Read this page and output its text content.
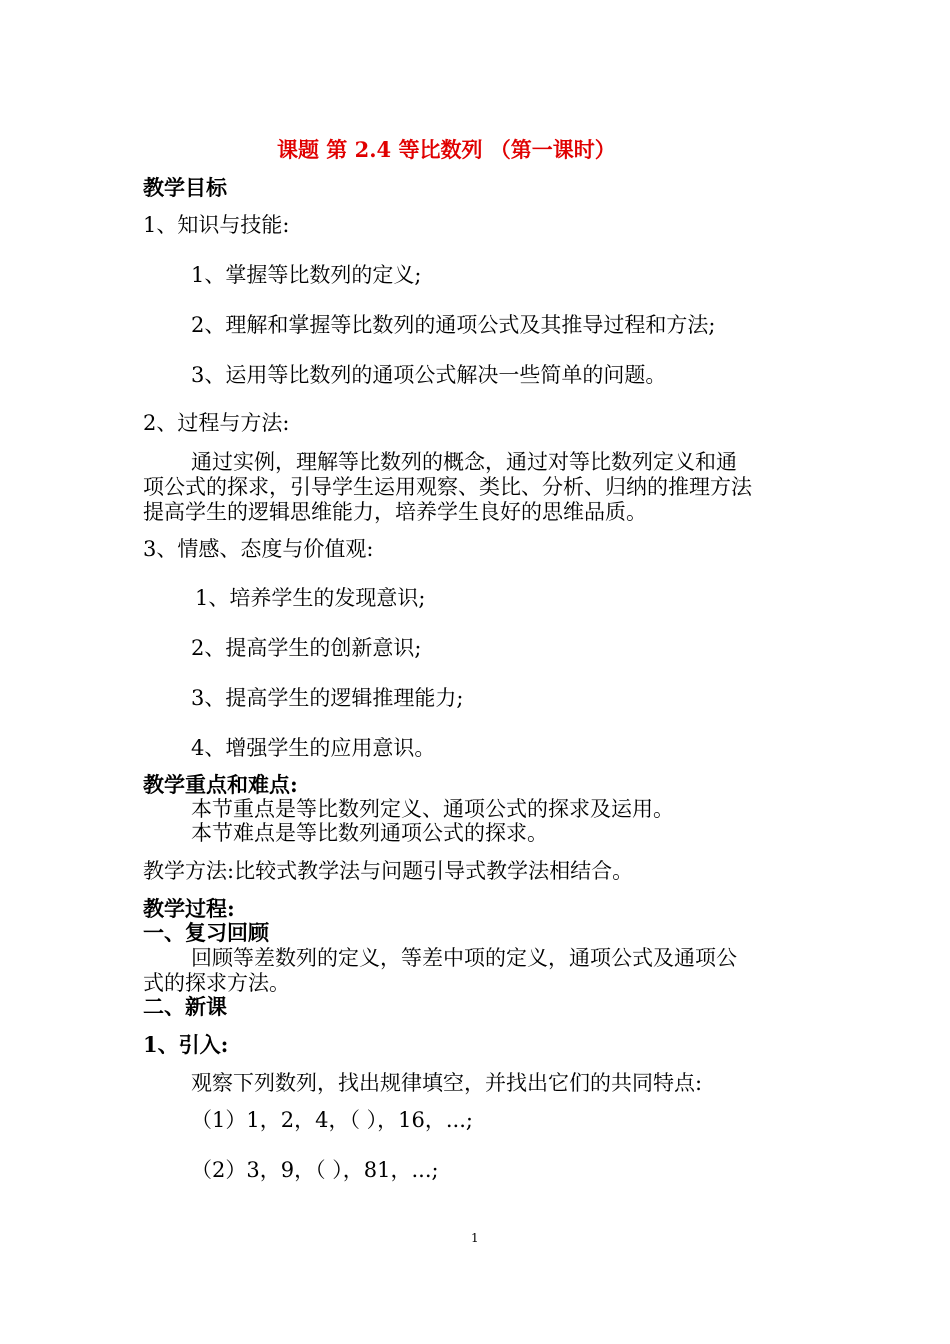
课题 第 2.4 等比数列 （第一课时）
教学目标
1、知识与技能:
1、掌握等比数列的定义;
2、理解和掌握等比数列的通项公式及其推导过程和方法;
3、运用等比数列的通项公式解决一些简单的问题。
2、过程与方法:
通过实例，理解等比数列的概念，通过对等比数列定义和通
项公式的探求，引导学生运用观察、类比、分析、归纳的推理方法
提高学生的逻辑思维能力，培养学生良好的思维品质。
3、情感、态度与价值观:
1、培养学生的发现意识;
2、提高学生的创新意识;
3、提高学生的逻辑推理能力;
4、增强学生的应用意识。
教学重点和难点:
本节重点是等比数列定义、通项公式的探求及运用。
本节难点是等比数列通项公式的探求。
教学方法:比较式教学法与问题引导式教学法相结合。
教学过程:
一、复习回顾
回顾等差数列的定义，等差中项的定义，通项公式及通项公
式的探求方法。
二、新课
1、引入:
观察下列数列，找出规律填空，并找出它们的共同特点:
（1）1，2，4，（ ），16，...;
（2）3，9，（ ），81，...;
1
